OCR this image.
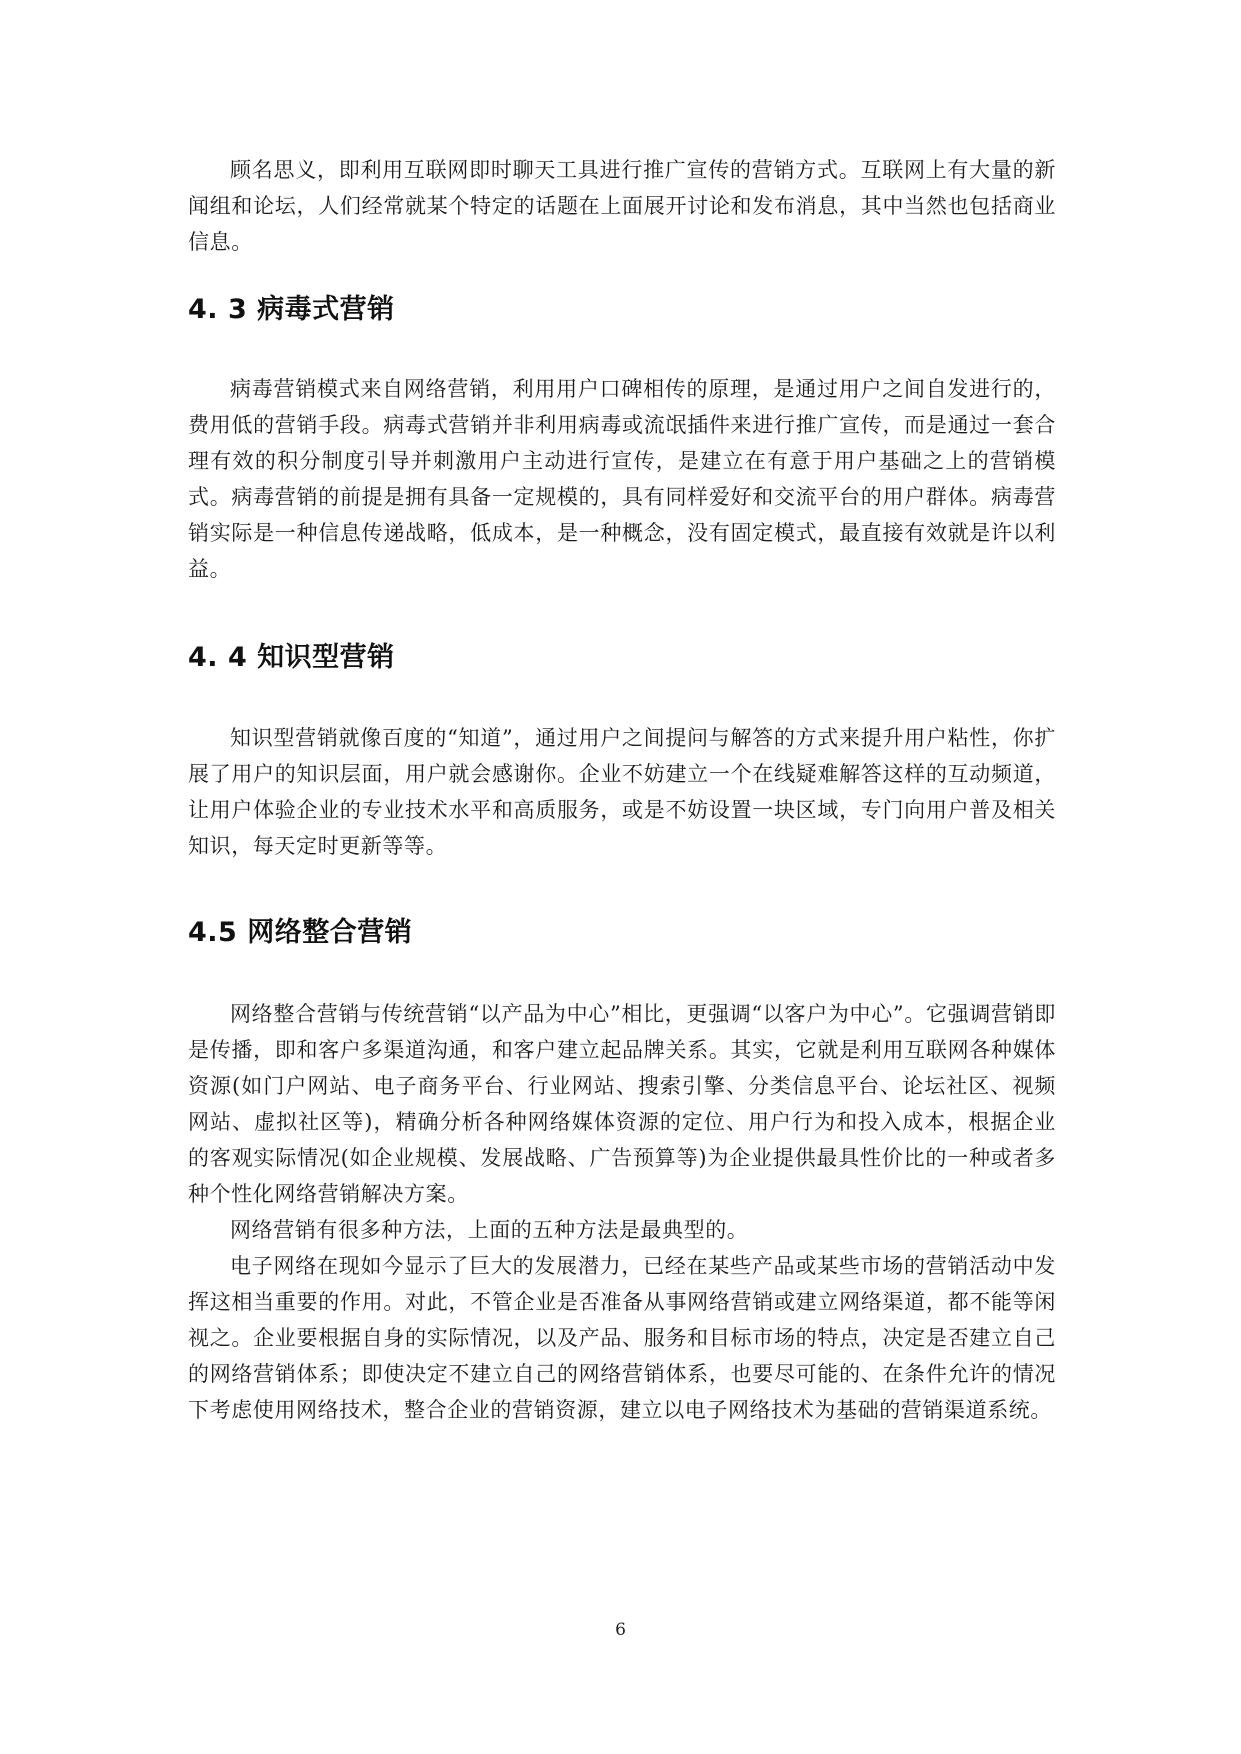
顾名思义，即利用互联网即时聊天工具进行推广宣传的营销方式。互联网上有大量的新闻组和论坛，人们经常就某个特定的话题在上面展开讨论和发布消息，其中当然也包括商业信息。

4. 3 病毒式营销

病毒营销模式来自网络营销，利用用户口碑相传的原理，是通过用户之间自发进行的，费用低的营销手段。病毒式营销并非利用病毒或流氓插件来进行推广宣传，而是通过一套合理有效的积分制度引导并刺激用户主动进行宣传，是建立在有意于用户基础之上的营销模式。病毒营销的前提是拥有具备一定规模的，具有同样爱好和交流平台的用户群体。病毒营销实际是一种信息传递战略，低成本，是一种概念，没有固定模式，最直接有效就是许以利益。

4. 4 知识型营销

知识型营销就像百度的“知道”，通过用户之间提问与解答的方式来提升用户粘性，你扩展了用户的知识层面，用户就会感谢你。企业不妨建立一个在线疑难解答这样的互动频道，让用户体验企业的专业技术水平和高质服务，或是不妨设置一块区域，专门向用户普及相关知识，每天定时更新等等。

4.5 网络整合营销

网络整合营销与传统营销“以产品为中心”相比，更强调“以客户为中心”。它强调营销即是传播，即和客户多渠道沟通，和客户建立起品牌关系。其实，它就是利用互联网各种媒体资源(如门户网站、电子商务平台、行业网站、搜索引擎、分类信息平台、论坛社区、视频网站、虚拟社区等)，精确分析各种网络媒体资源的定位、用户行为和投入成本，根据企业的客观实际情况(如企业规模、发展战略、广告预算等)为企业提供最具性价比的一种或者多种个性化网络营销解决方案。

网络营销有很多种方法，上面的五种方法是最典型的。

电子网络在现如今显示了巨大的发展潜力，已经在某些产品或某些市场的营销活动中发挥这相当重要的作用。对此，不管企业是否准备从事网络营销或建立网络渠道，都不能等闲视之。企业要根据自身的实际情况，以及产品、服务和目标市场的特点，决定是否建立自己的网络营销体系；即使决定不建立自己的网络营销体系，也要尽可能的、在条件允许的情况下考虑使用网络技术，整合企业的营销资源，建立以电子网络技术为基础的营销渠道系统。

6
